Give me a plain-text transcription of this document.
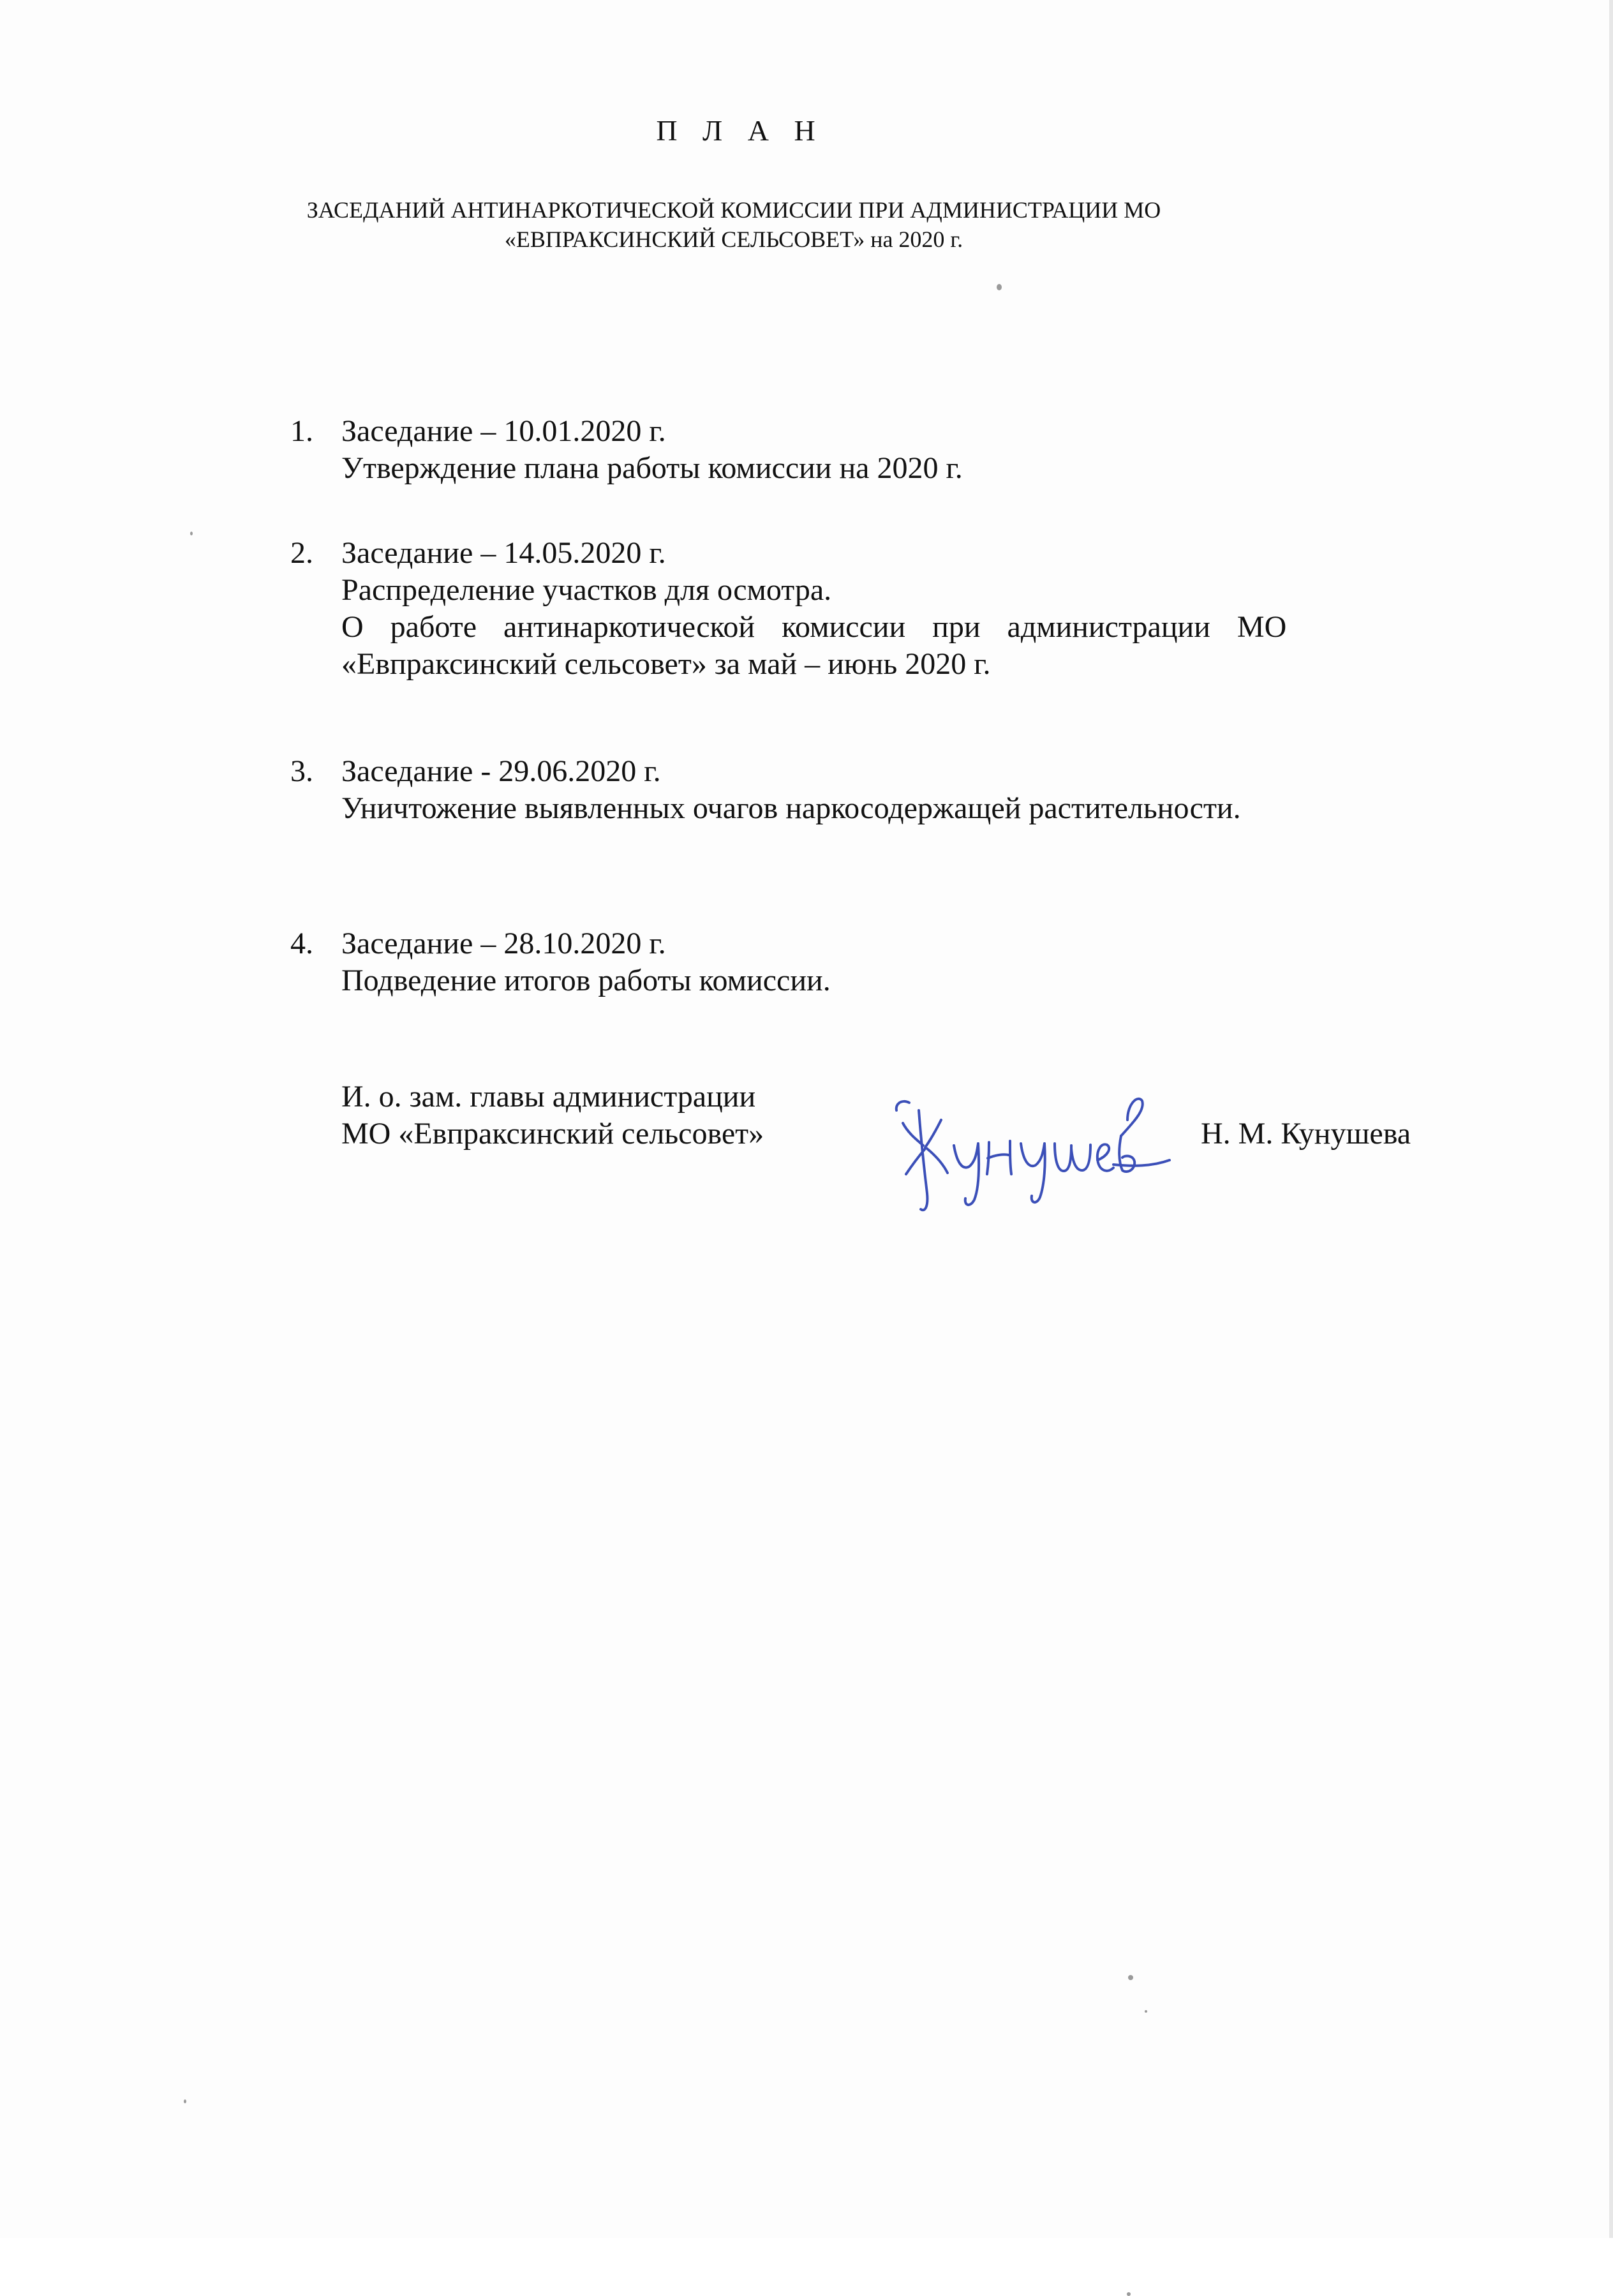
П Л А Н
ЗАСЕДАНИЙ АНТИНАРКОТИЧЕСКОЙ КОМИССИИ ПРИ АДМИНИСТРАЦИИ МО
«ЕВПРАКСИНСКИЙ СЕЛЬСОВЕТ» на 2020 г.
1. Заседание – 10.01.2020 г.
Утверждение плана работы комиссии на 2020 г.
2. Заседание – 14.05.2020 г.
Распределение участков для осмотра.
О работе антинаркотической комиссии при администрации МО
«Евпраксинский сельсовет» за май – июнь 2020 г.
3. Заседание - 29.06.2020 г.
Уничтожение выявленных очагов наркосодержащей растительности.
4. Заседание – 28.10.2020 г.
Подведение итогов работы комиссии.
И. о. зам. главы администрации
МО «Евпраксинский сельсовет»	Н. М. Кунушева
